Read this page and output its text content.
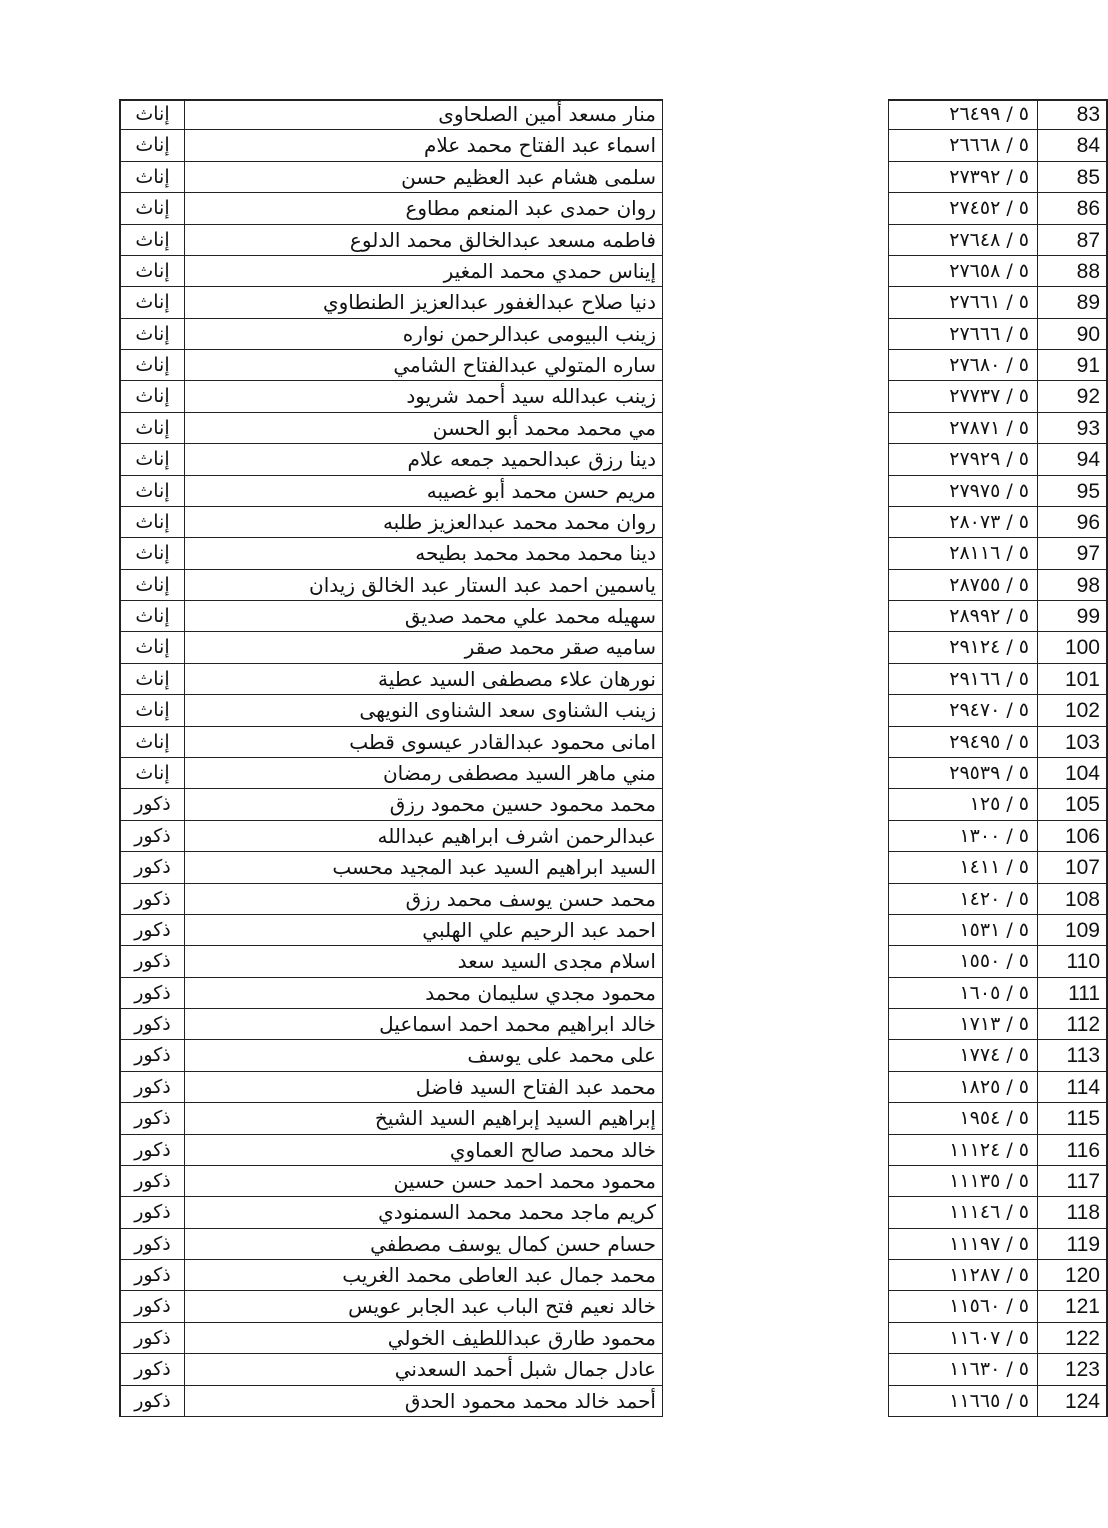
إناث	منار مسعد أمين الصلحاوى	٥ / ٢٦٤٩٩	83
إناث	اسماء عبد الفتاح محمد علام	٥ / ٢٦٦٦٨	84
إناث	سلمى هشام عبد العظيم حسن	٥ / ٢٧٣٩٢	85
إناث	روان حمدى عبد المنعم مطاوع	٥ / ٢٧٤٥٢	86
إناث	فاطمه مسعد عبدالخالق محمد الدلوع	٥ / ٢٧٦٤٨	87
إناث	إيناس حمدي محمد المغير	٥ / ٢٧٦٥٨	88
إناث	دنيا صلاح عبدالغفور عبدالعزيز الطنطاوي	٥ / ٢٧٦٦١	89
إناث	زينب البيومى عبدالرحمن نواره	٥ / ٢٧٦٦٦	90
إناث	ساره المتولي عبدالفتاح الشامي	٥ / ٢٧٦٨٠	91
إناث	زينب عبدالله سيد أحمد شريود	٥ / ٢٧٧٣٧	92
إناث	مي محمد محمد أبو الحسن	٥ / ٢٧٨٧١	93
إناث	دينا رزق عبدالحميد جمعه علام	٥ / ٢٧٩٢٩	94
إناث	مريم حسن محمد أبو غصيبه	٥ / ٢٧٩٧٥	95
إناث	روان محمد محمد عبدالعزيز طلبه	٥ / ٢٨٠٧٣	96
إناث	دينا محمد محمد محمد بطيحه	٥ / ٢٨١١٦	97
إناث	ياسمين احمد عبد الستار عبد الخالق زيدان	٥ / ٢٨٧٥٥	98
إناث	سهيله محمد علي محمد صديق	٥ / ٢٨٩٩٢	99
إناث	ساميه صقر محمد صقر	٥ / ٢٩١٢٤	100
إناث	نورهان علاء مصطفى السيد عطية	٥ / ٢٩١٦٦	101
إناث	زينب الشناوى سعد الشناوى النويهى	٥ / ٢٩٤٧٠	102
إناث	امانى محمود عبدالقادر عيسوى قطب	٥ / ٢٩٤٩٥	103
إناث	مني ماهر السيد مصطفى رمضان	٥ / ٢٩٥٣٩	104
ذكور	محمد محمود حسين محمود رزق	٥ / ١٢٥	105
ذكور	عبدالرحمن اشرف ابراهيم عبدالله	٥ / ١٣٠٠	106
ذكور	السيد ابراهيم السيد عبد المجيد محسب	٥ / ١٤١١	107
ذكور	محمد حسن يوسف محمد رزق	٥ / ١٤٢٠	108
ذكور	احمد عبد الرحيم علي الهلبي	٥ / ١٥٣١	109
ذكور	اسلام مجدى السيد سعد	٥ / ١٥٥٠	110
ذكور	محمود مجدي سليمان محمد	٥ / ١٦٠٥	111
ذكور	خالد ابراهيم محمد احمد اسماعيل	٥ / ١٧١٣	112
ذكور	على محمد على يوسف	٥ / ١٧٧٤	113
ذكور	محمد عبد الفتاح السيد فاضل	٥ / ١٨٢٥	114
ذكور	إبراهيم السيد إبراهيم السيد الشيخ	٥ / ١٩٥٤	115
ذكور	خالد محمد صالح العماوي	٥ / ١١١٢٤	116
ذكور	محمود محمد احمد حسن حسين	٥ / ١١١٣٥	117
ذكور	كريم ماجد محمد محمد السمنودي	٥ / ١١١٤٦	118
ذكور	حسام حسن كمال يوسف مصطفي	٥ / ١١١٩٧	119
ذكور	محمد جمال عبد العاطى محمد الغريب	٥ / ١١٢٨٧	120
ذكور	خالد نعيم فتح الباب عبد الجابر عويس	٥ / ١١٥٦٠	121
ذكور	محمود طارق عبداللطيف الخولي	٥ / ١١٦٠٧	122
ذكور	عادل جمال شبل أحمد السعدني	٥ / ١١٦٣٠	123
ذكور	أحمد خالد محمد محمود الحدق	٥ / ١١٦٦٥	124
